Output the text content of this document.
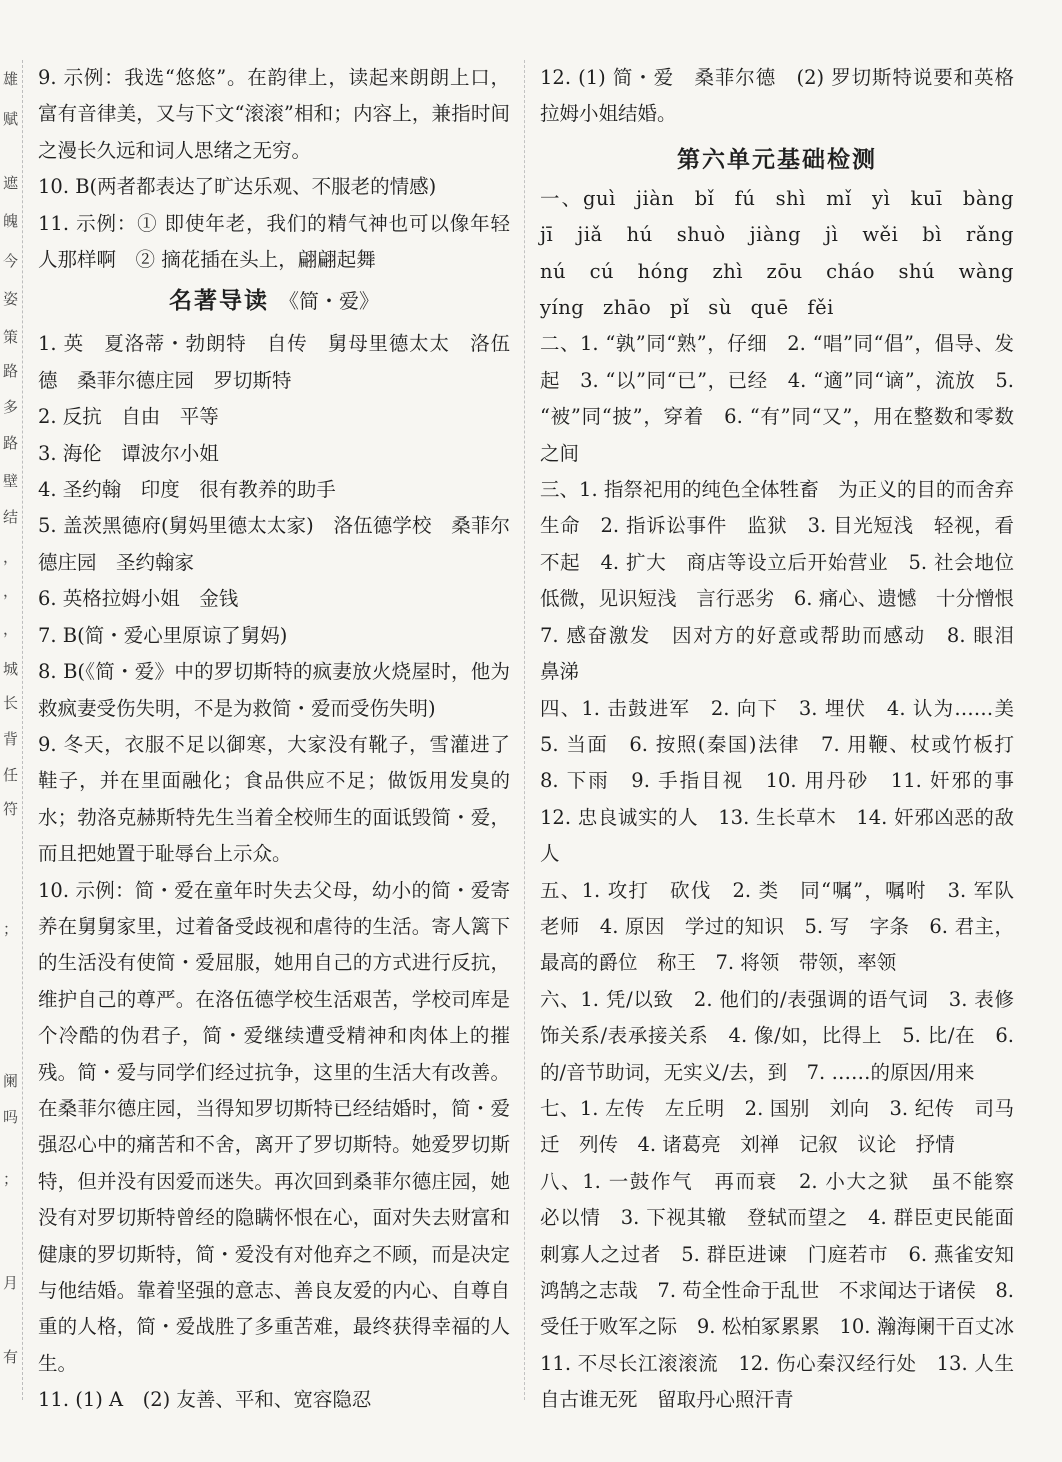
雄
赋
遮
魄
今
姿
策
路
多
路
壁
结
，
，
，
城
长
背
任
符
；
阑
吗
；
月
有

9. 示例：我选“悠悠”。在韵律上，读起来朗朗上口，富有音律美，又与下文“滚滚”相和；内容上，兼指时间之漫长久远和词人思绪之无穷。

10. B(两者都表达了旷达乐观、不服老的情感)

11. 示例：① 即使年老，我们的精气神也可以像年轻人那样啊　② 摘花插在头上，翩翩起舞

名著导读 《简・爱》

1. 英　夏洛蒂・勃朗特　自传　舅母里德太太　洛伍德　桑菲尔德庄园　罗切斯特

2. 反抗　自由　平等

3. 海伦　谭波尔小姐

4. 圣约翰　印度　很有教养的助手

5. 盖茨黑德府(舅妈里德太太家)　洛伍德学校　桑菲尔德庄园　圣约翰家

6. 英格拉姆小姐　金钱

7. B(简・爱心里原谅了舅妈)

8. B(《简・爱》中的罗切斯特的疯妻放火烧屋时，他为救疯妻受伤失明，不是为救简・爱而受伤失明)

9. 冬天，衣服不足以御寒，大家没有靴子，雪灌进了鞋子，并在里面融化；食品供应不足；做饭用发臭的水；勃洛克赫斯特先生当着全校师生的面诋毁简・爱，而且把她置于耻辱台上示众。

10. 示例：简・爱在童年时失去父母，幼小的简・爱寄养在舅舅家里，过着备受歧视和虐待的生活。寄人篱下的生活没有使简・爱屈服，她用自己的方式进行反抗，维护自己的尊严。在洛伍德学校生活艰苦，学校司库是个冷酷的伪君子，简・爱继续遭受精神和肉体上的摧残。简・爱与同学们经过抗争，这里的生活大有改善。在桑菲尔德庄园，当得知罗切斯特已经结婚时，简・爱强忍心中的痛苦和不舍，离开了罗切斯特。她爱罗切斯特，但并没有因爱而迷失。再次回到桑菲尔德庄园，她没有对罗切斯特曾经的隐瞒怀恨在心，面对失去财富和健康的罗切斯特，简・爱没有对他弃之不顾，而是决定与他结婚。靠着坚强的意志、善良友爱的内心、自尊自重的人格，简・爱战胜了多重苦难，最终获得幸福的人生。

11. (1) A　(2) 友善、平和、宽容隐忍

12. (1) 简・爱　桑菲尔德　(2) 罗切斯特说要和英格拉姆小姐结婚。

第六单元基础检测

一、guì jiàn bǐ fú shì mǐ yì kuī bàng jī jiǎ hú shuò jiàng jì wěi bì rǎng nú cú hóng zhì zōu cháo shú wàng yíng zhāo pǐ sù quē fěi

二、1. “孰”同“熟”，仔细　2. “唱”同“倡”，倡导、发起　3. “以”同“已”，已经　4. “適”同“谪”，流放　5. “被”同“披”，穿着　6. “有”同“又”，用在整数和零数之间

三、1. 指祭祀用的纯色全体牲畜　为正义的目的而舍弃生命　2. 指诉讼事件　监狱　3. 目光短浅　轻视，看不起　4. 扩大　商店等设立后开始营业　5. 社会地位低微，见识短浅　言行恶劣　6. 痛心、遗憾　十分憎恨　7. 感奋激发　因对方的好意或帮助而感动　8. 眼泪　鼻涕

四、1. 击鼓进军　2. 向下　3. 埋伏　4. 认为……美　5. 当面　6. 按照(秦国)法律　7. 用鞭、杖或竹板打　8. 下雨　9. 手指目视　10. 用丹砂　11. 奸邪的事　12. 忠良诚实的人　13. 生长草木　14. 奸邪凶恶的敌人

五、1. 攻打　砍伐　2. 类　同“嘱”，嘱咐　3. 军队　老师　4. 原因　学过的知识　5. 写　字条　6. 君主，最高的爵位　称王　7. 将领　带领，率领

六、1. 凭/以致　2. 他们的/表强调的语气词　3. 表修饰关系/表承接关系　4. 像/如，比得上　5. 比/在　6. 的/音节助词，无实义/去，到　7. ……的原因/用来

七、1. 左传　左丘明　2. 国别　刘向　3. 纪传　司马迁　列传　4. 诸葛亮　刘禅　记叙　议论　抒情

八、1. 一鼓作气　再而衰　2. 小大之狱　虽不能察　必以情　3. 下视其辙　登轼而望之　4. 群臣吏民能面刺寡人之过者　5. 群臣进谏　门庭若市　6. 燕雀安知鸿鹄之志哉　7. 苟全性命于乱世　不求闻达于诸侯　8. 受任于败军之际　9. 松柏冢累累　10. 瀚海阑干百丈冰　11. 不尽长江滚滚流　12. 伤心秦汉经行处　13. 人生自古谁无死　留取丹心照汗青
